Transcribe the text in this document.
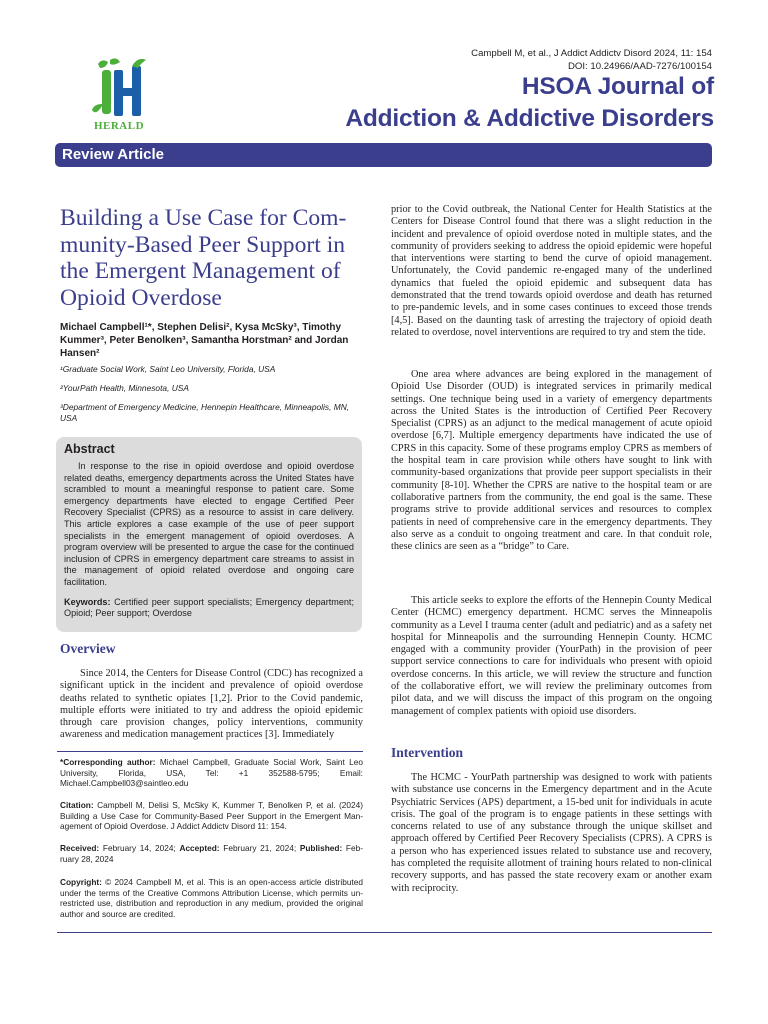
HERALD
Campbell M, et al., J Addict Addictv Disord 2024, 11: 154
DOI: 10.24966/AAD-7276/100154
HSOA Journal of
Addiction & Addictive Disorders
Review Article
Building a Use Case for Community-Based Peer Support in the Emergent Management of Opioid Overdose
Michael Campbell¹*, Stephen Delisi², Kysa McSky³, Timothy Kummer³, Peter Benolken³, Samantha Horstman² and Jordan Hansen²
¹Graduate Social Work, Saint Leo University, Florida, USA
²YourPath Health, Minnesota, USA
³Department of Emergency Medicine, Hennepin Healthcare, Minneapolis, MN, USA
Abstract

In response to the rise in opioid overdose and opioid overdose related deaths, emergency departments across the United States have scrambled to mount a meaningful response to patient care. Some emergency departments have elected to engage Certified Peer Recovery Specialist (CPRS) as a resource to assist in care delivery. This article explores a case example of the use of peer support specialists in the emergent management of opioid overdoses. A program overview will be presented to argue the case for the continued inclusion of CPRS in emergency department care streams to assist in the management of opioid related overdose and ongoing care facilitation.

Keywords: Certified peer support specialists; Emergency department; Opioid; Peer support; Overdose

Overview

Since 2014, the Centers for Disease Control (CDC) has recognized a significant uptick in the incident and prevalence of opioid overdose deaths related to synthetic opiates [1,2]. Prior to the Covid pandemic, multiple efforts were initiated to try and address the opioid epidemic through care provision changes, policy interventions, community awareness and medication management practices [3]. Immediately

*Corresponding author: Michael Campbell, Graduate Social Work, Saint Leo University, Florida, USA, Tel: +1 352588-5795; Email: Michael.Campbell03@saintleo.edu

Citation: Campbell M, Delisi S, McSky K, Kummer T, Benolken P, et al. (2024) Building a Use Case for Community-Based Peer Support in the Emergent Management of Opioid Overdose. J Addict Addictv Disord 11: 154.

Received: February 14, 2024; Accepted: February 21, 2024; Published: February 28, 2024

Copyright: © 2024 Campbell M, et al. This is an open-access article distributed under the terms of the Creative Commons Attribution License, which permits unrestricted use, distribution and reproduction in any medium, provided the original author and source are credited.

prior to the Covid outbreak, the National Center for Health Statistics at the Centers for Disease Control found that there was a slight reduction in the incident and prevalence of opioid overdose noted in multiple states, and the community of providers seeking to address the opioid epidemic were hopeful that interventions were starting to bend the curve of opioid management. Unfortunately, the Covid pandemic re-engaged many of the underlined dynamics that fueled the opioid epidemic and subsequent data has demonstrated that the trend towards opioid overdose and death has returned to pre-pandemic levels, and in some cases continues to exceed those trends [4,5]. Based on the daunting task of arresting the trajectory of opioid death related to overdose, novel interventions are required to try and stem the tide.

One area where advances are being explored in the management of Opioid Use Disorder (OUD) is integrated services in primarily medical settings. One technique being used in a variety of emergency departments across the United States is the introduction of Certified Peer Recovery Specialist (CPRS) as an adjunct to the medical management of acute opioid overdose [6,7]. Multiple emergency departments have indicated the use of CPRS in this capacity. Some of these programs employ CPRS as members of the hospital team in care provision while others have sought to link with community-based organizations that provide peer support specialists in their community [8-10]. Whether the CPRS are native to the hospital team or are collaborative partners from the community, the end goal is the same. These programs strive to provide additional services and resources to complex patients in need of comprehensive care in the emergency departments. They also serve as a conduit to ongoing treatment and care. In that conduit role, these clinics are seen as a “bridge” to Care.

This article seeks to explore the efforts of the Hennepin County Medical Center (HCMC) emergency department. HCMC serves the Minneapolis community as a Level I trauma center (adult and pediatric) and as a safety net hospital for Minneapolis and the surrounding Hennepin County. HCMC engaged with a community provider (YourPath) in the provision of peer support service connections to care for individuals who present with opioid overdose concerns. In this article, we will review the structure and function of the collaborative effort, we will review the preliminary outcomes from pilot data, and we will discuss the impact of this program on the ongoing management of complex patients with opioid use disorders.

Intervention

The HCMC - YourPath partnership was designed to work with patients with substance use concerns in the Emergency department and in the Acute Psychiatric Services (APS) department, a 15-bed unit for individuals in acute crisis. The goal of the program is to engage patients in these settings with concerns related to use of any substance through the unique skillset and approach offered by Certified Peer Recovery Specialists (CPRS). A CPRS is a person who has experienced issues related to substance use and recovery, has completed the requisite allotment of training hours related to non-clinical recovery supports, and has passed the state recovery exam or another exam with reciprocity.
